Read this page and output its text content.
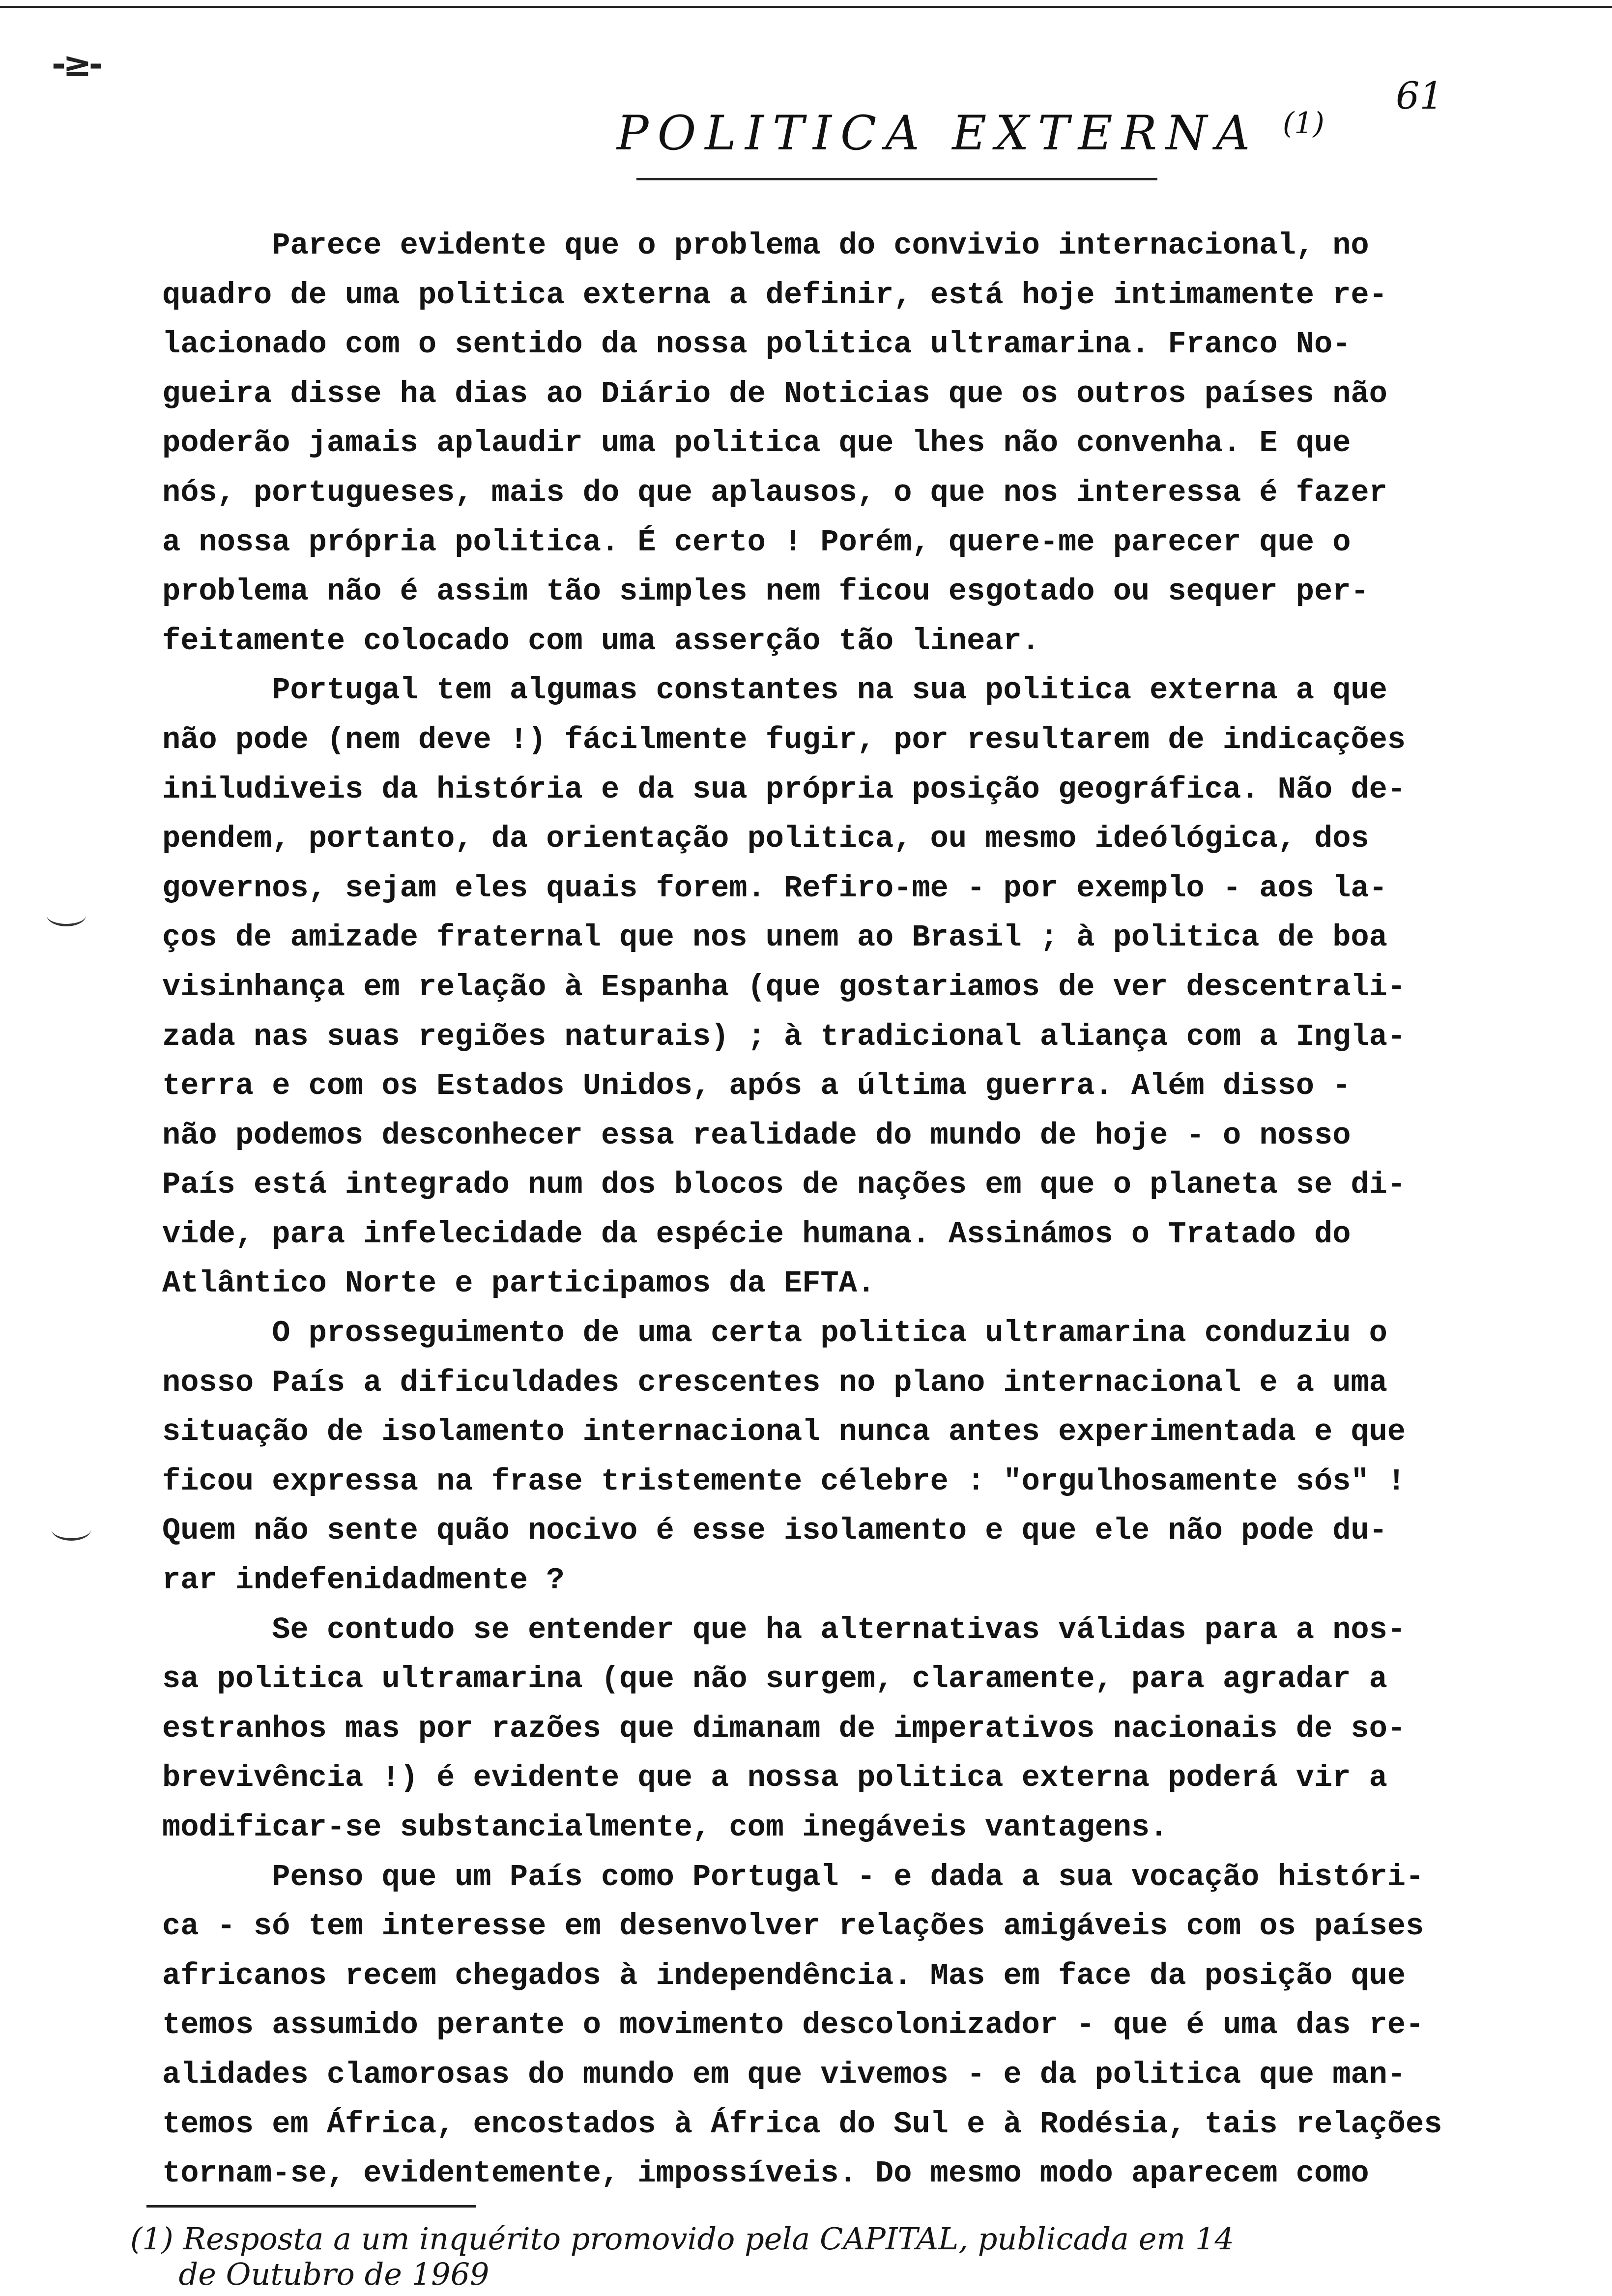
-≥-
61
POLITICA EXTERNA $^{(1)}$
Parece evidente que o problema do convivio internacional, no
quadro de uma politica externa a definir, está hoje intimamente re-
lacionado com o sentido da nossa politica ultramarina. Franco No-
gueira disse ha dias ao Diário de Noticias que os outros países não
poderão jamais aplaudir uma politica que lhes não convenha. E que
nós, portugueses, mais do que aplausos, o que nos interessa é fazer
a nossa própria politica. É certo ! Porém, quere-me parecer que o
problema não é assim tão simples nem ficou esgotado ou sequer per-
feitamente colocado com uma asserção tão linear.
Portugal tem algumas constantes na sua politica externa a que
não pode (nem deve !) fácilmente fugir, por resultarem de indicações
iniludiveis da história e da sua própria posição geográfica. Não de-
pendem, portanto, da orientação politica, ou mesmo ideólógica, dos
governos, sejam eles quais forem. Refiro-me - por exemplo - aos la-
ços de amizade fraternal que nos unem ao Brasil ; à politica de boa
visinhança em relação à Espanha (que gostariamos de ver descentrali-
zada nas suas regiões naturais) ; à tradicional aliança com a Ingla-
terra e com os Estados Unidos, após a última guerra. Além disso -
não podemos desconhecer essa realidade do mundo de hoje - o nosso
País está integrado num dos blocos de nações em que o planeta se di-
vide, para infelecidade da espécie humana. Assinámos o Tratado do
Atlântico Norte e participamos da EFTA.
O prosseguimento de uma certa politica ultramarina conduziu o
nosso País a dificuldades crescentes no plano internacional e a uma
situação de isolamento internacional nunca antes experimentada e que
ficou expressa na frase tristemente célebre : "orgulhosamente sós" !
Quem não sente quão nocivo é esse isolamento e que ele não pode du-
rar indefenidadmente ?
Se contudo se entender que ha alternativas válidas para a nos-
sa politica ultramarina (que não surgem, claramente, para agradar a
estranhos mas por razões que dimanam de imperativos nacionais de so-
brevivência !) é evidente que a nossa politica externa poderá vir a
modificar-se substancialmente, com inegáveis vantagens.
Penso que um País como Portugal - e dada a sua vocação históri-
ca - só tem interesse em desenvolver relações amigáveis com os países
africanos recem chegados à independência. Mas em face da posição que
temos assumido perante o movimento descolonizador - que é uma das re-
alidades clamorosas do mundo em que vivemos - e da politica que man-
temos em África, encostados à África do Sul e à Rodésia, tais relações
tornam-se, evidentemente, impossíveis. Do mesmo modo aparecem como
(1) Resposta a um inquérito promovido pela CAPITAL, publicada em 14
de Outubro de 1969
